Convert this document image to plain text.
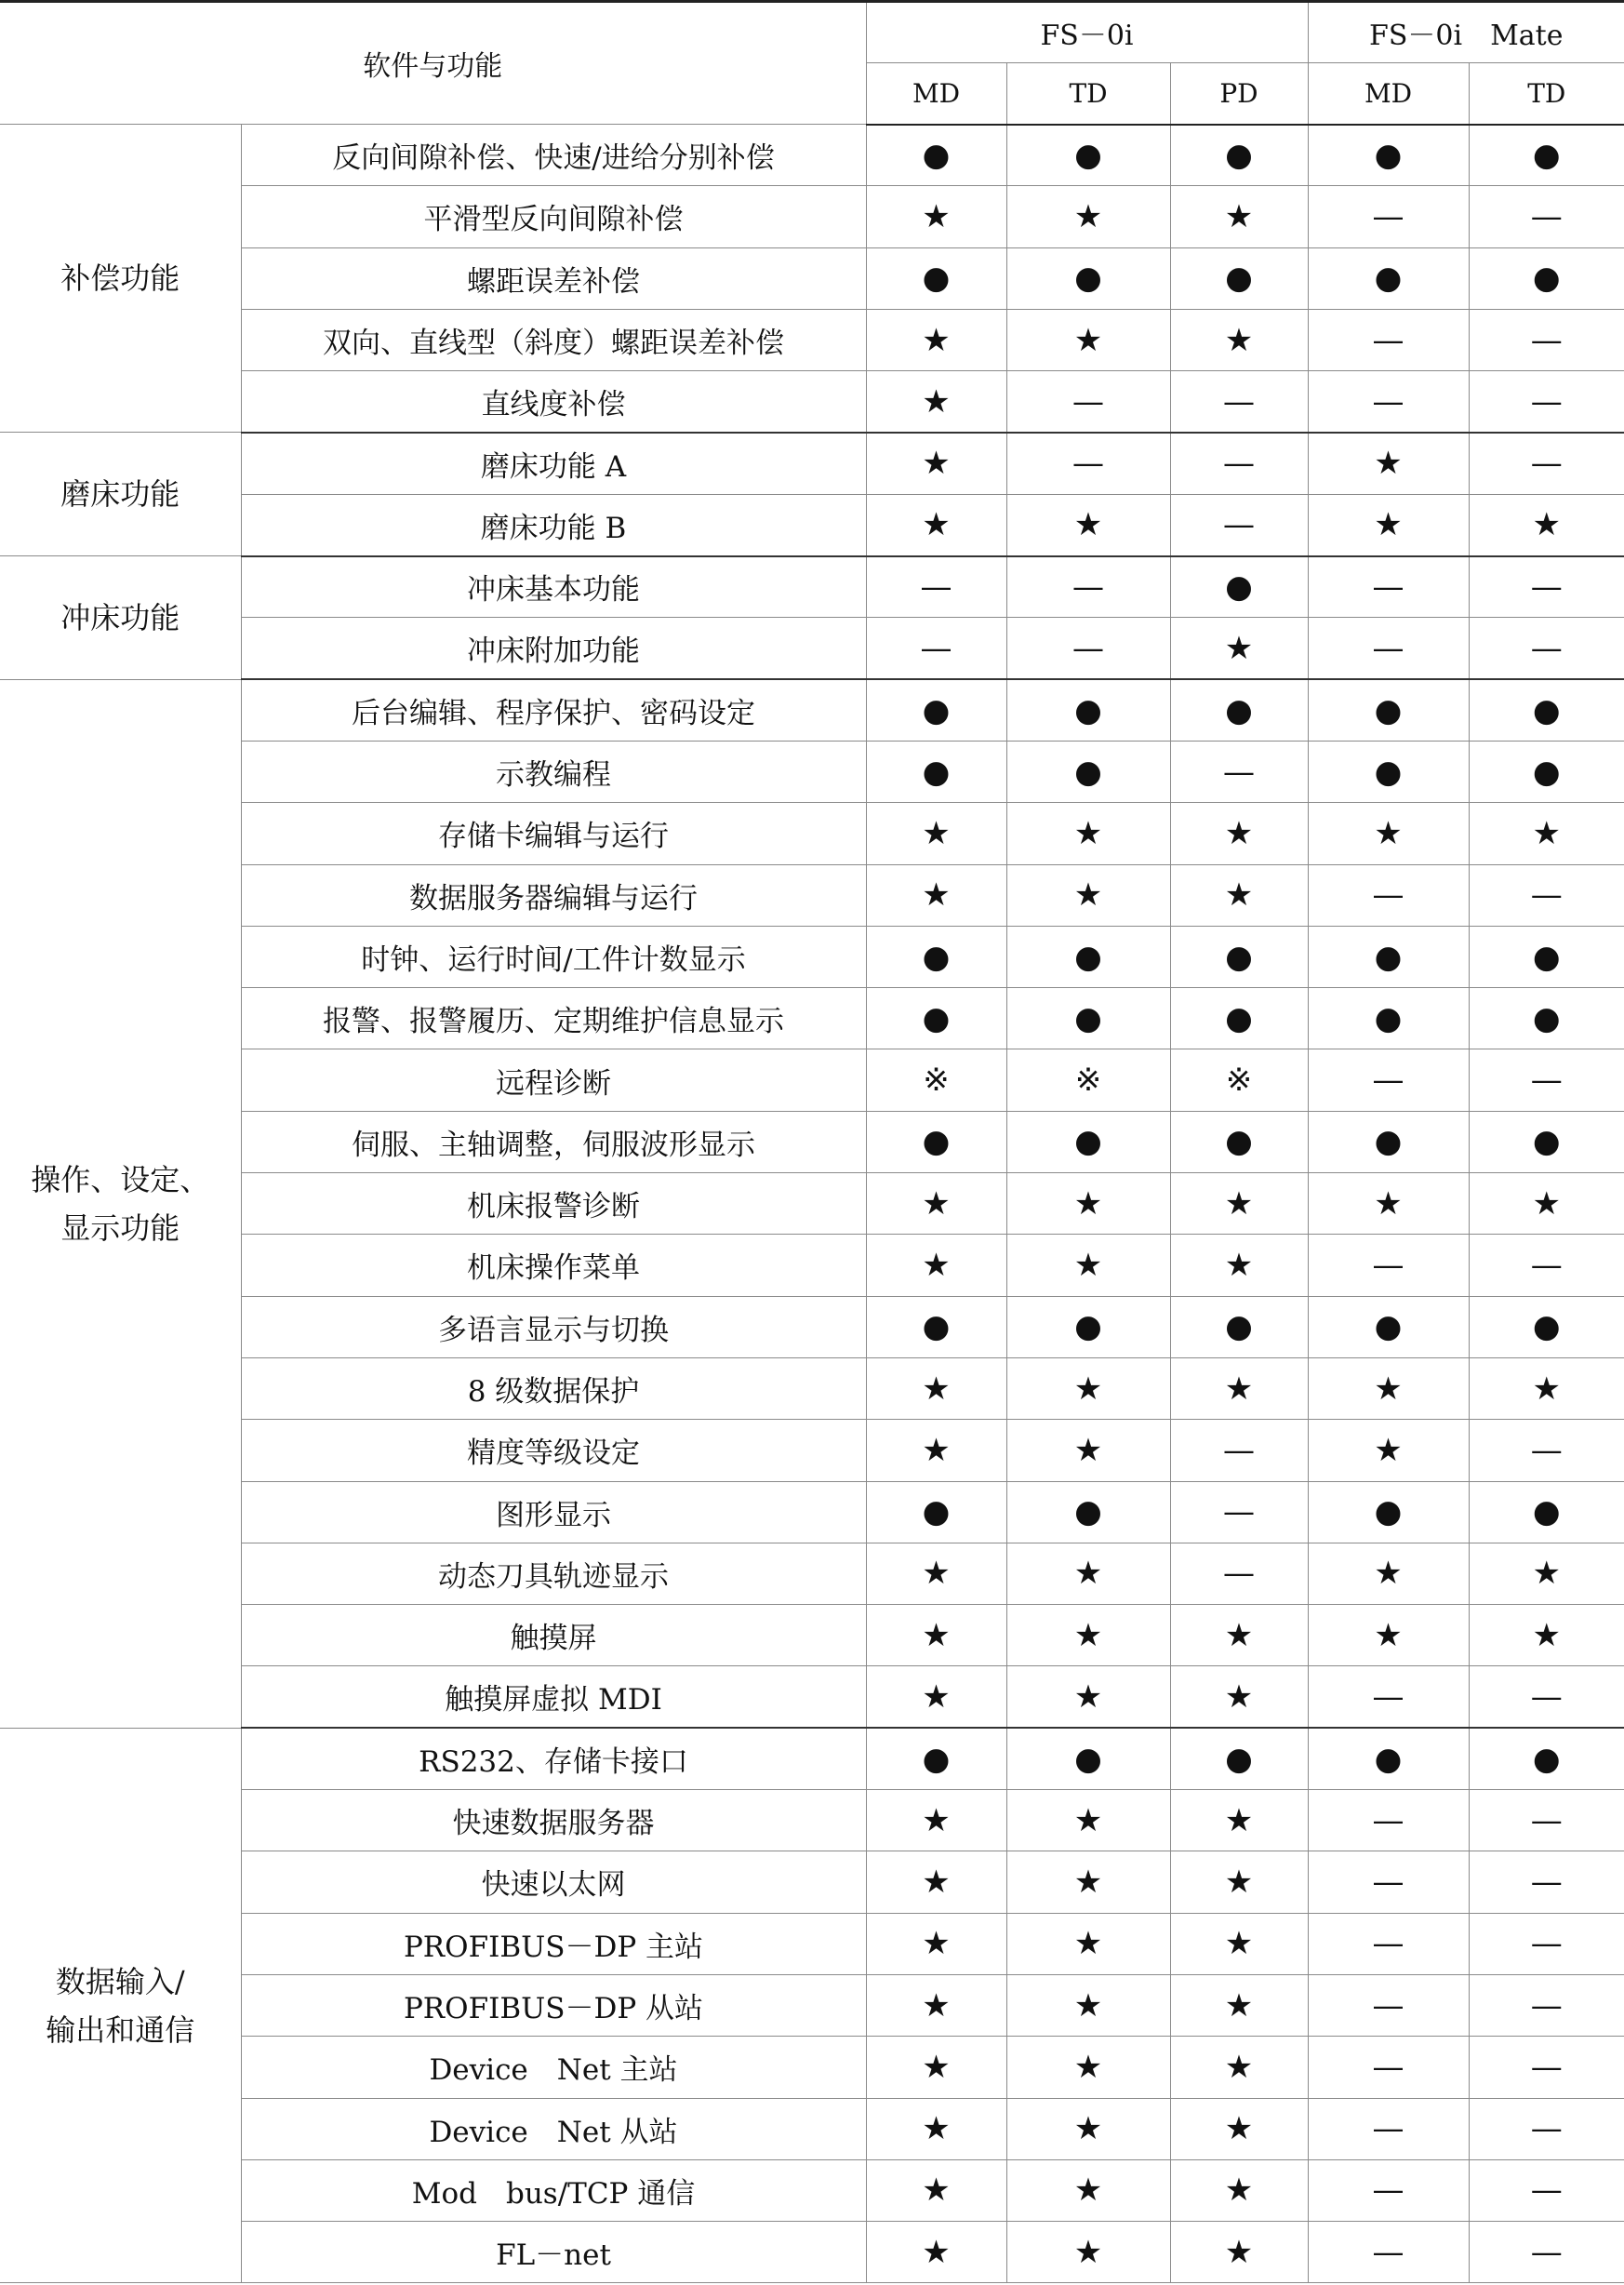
软件与功能		FS－0i			FS－0i　Mate	
		MD	TD	PD	MD	TD
补偿功能	反向间隙补偿、快速/进给分别补偿	●	●	●	●	●
	平滑型反向间隙补偿	★	★	★	—	—
	螺距误差补偿	●	●	●	●	●
	双向、直线型（斜度）螺距误差补偿	★	★	★	—	—
	直线度补偿	★	—	—	—	—
磨床功能	磨床功能 A	★	—	—	★	—
	磨床功能 B	★	★	—	★	★
冲床功能	冲床基本功能	—	—	●	—	—
	冲床附加功能	—	—	★	—	—

操作、设定、
显示功能	后台编辑、程序保护、密码设定	●	●	●	●	●
	示教编程	●	●	—	●	●
	存储卡编辑与运行	★	★	★	★	★
	数据服务器编辑与运行	★	★	★	—	—
	时钟、运行时间/工件计数显示	●	●	●	●	●
	报警、报警履历、定期维护信息显示	●	●	●	●	●
	远程诊断	※	※	※	—	—
	伺服、主轴调整，伺服波形显示	●	●	●	●	●
	机床报警诊断	★	★	★	★	★
	机床操作菜单	★	★	★	—	—
	多语言显示与切换	●	●	●	●	●
	8 级数据保护	★	★	★	★	★
	精度等级设定	★	★	—	★	—
	图形显示	●	●	—	●	●
	动态刀具轨迹显示	★	★	—	★	★
	触摸屏	★	★	★	★	★
	触摸屏虚拟 MDI	★	★	★	—	—

数据输入/
输出和通信	RS232、存储卡接口	●	●	●	●	●
	快速数据服务器	★	★	★	—	—
	快速以太网	★	★	★	—	—
	PROFIBUS－DP 主站	★	★	★	—	—
	PROFIBUS－DP 从站	★	★	★	—	—
	Device　Net 主站	★	★	★	—	—
	Device　Net 从站	★	★	★	—	—
	Mod　bus/TCP 通信	★	★	★	—	—
	FL－net	★	★	★	—	—
